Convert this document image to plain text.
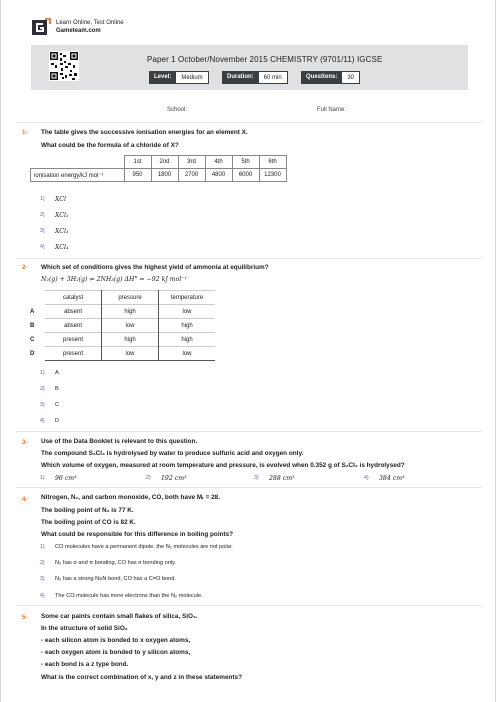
Learn Online, Test Online
Gameteam.com
Paper 1 October/November 2015 CHEMISTRY (9701/11) IGCSE
Level:	Medium	Duration:	60 min	Questions:	30
School:	Full Name:
1- The table gives the successive ionisation energies for an element X.
What could be the formula of a chloride of X?
	1st	2nd	3rd	4th	5th	6th
ionisation energy/kJ mol⁻¹	950	1800	2700	4800	6000	12300
1) XCl
2) XCl₂
3) XCl₃
4) XCl₄
2- Which set of conditions gives the highest yield of ammonia at equilibrium?
N₂(g) + 3H₂(g) ⇌ 2NH₃(g) ΔH° = −92 kJ mol⁻¹
	catalyst	pressure	temperature
A	absent	high	low
B	absent	low	high
C	present	high	high
D	present	low	low
1) A
2) B
3) C
4) D
3- Use of the Data Booklet is relevant to this question.
The compound S₂Cl₂ is hydrolysed by water to produce sulfuric acid and oxygen only.
Which volume of oxygen, measured at room temperature and pressure, is evolved when 0.352 g of S₂Cl₂ is hydrolysed?
1) 96 cm³	2) 192 cm³	3) 288 cm³	4) 384 cm³
4- Nitrogen, N₂, and carbon monoxide, CO, both have Mᵣ = 28.
The boiling point of N₂ is 77 K.
The boiling point of CO is 82 K.
What could be responsible for this difference in boiling points?
1) CO molecules have a permanent dipole, the N₂ molecules are not polar.
2) N₂ has σ and π bonding, CO has σ bonding only.
3) N₂ has a strong N≡N bond, CO has a C=O bond.
4) The CO molecule has more electrons than the N₂ molecule.
5- Some car paints contain small flakes of silica, SiO₂.
In the structure of solid SiO₂
- each silicon atom is bonded to x oxygen atoms,
- each oxygen atom is bonded to y silicon atoms,
- each bond is a z type bond.
What is the correct combination of x, y and z in these statements?
